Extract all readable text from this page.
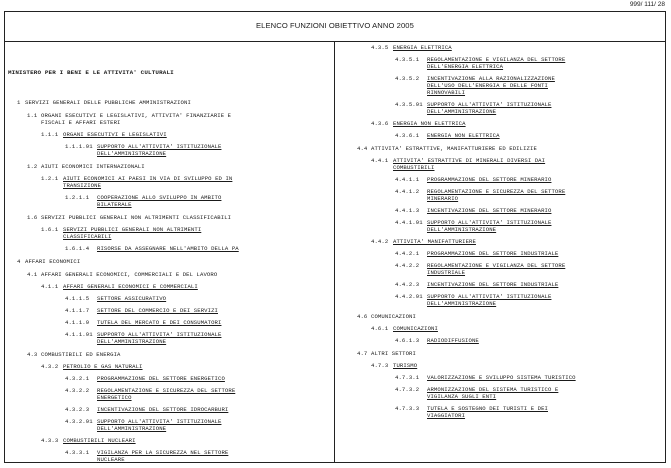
999/ 111/ 28
ELENCO FUNZIONI OBIETTIVO ANNO 2005
MINISTERO PER I BENI E LE ATTIVITA' CULTURALI
1 SERVIZI GENERALI DELLE PUBBLICHE AMMINISTRAZIONI
1.1 ORGANI ESECUTIVI E LEGISLATIVI, ATTIVITA' FINANZIARIE E
FISCALI E AFFARI ESTERI
1.1.1 ORGANI ESECUTIVI E LEGISLATIVI
1.1.1.91 SUPPORTO ALL'ATTIVITA' ISTITUZIONALE
DELL'AMMINISTRAZIONE
1.2 AIUTI ECONOMICI INTERNAZIONALI
1.2.1 AIUTI ECONOMICI AI PAESI IN VIA DI SVILUPPO ED IN
TRANSIZIONE
1.2.1.1 COOPERAZIONE ALLO SVILUPPO IN AMBITO
BILATERALE
1.6 SERVIZI PUBBLICI GENERALI NON ALTRIMENTI CLASSIFICABILI
1.6.1 SERVIZI PUBBLICI GENERALI NON ALTRIMENTI
CLASSIFICABILI
1.6.1.4 RISORSE DA ASSEGNARE NELL'AMBITO DELLA PA
4 AFFARI ECONOMICI
4.1 AFFARI GENERALI ECONOMICI, COMMERCIALI E DEL LAVORO
4.1.1 AFFARI GENERALI ECONOMICI E COMMERCIALI
4.1.1.5 SETTORE ASSICURATIVO
4.1.1.7 SETTORE DEL COMMERCIO E DEI SERVIZI
4.1.1.9 TUTELA DEL MERCATO E DEI CONSUMATORI
4.1.1.91 SUPPORTO ALL'ATTIVITA' ISTITUZIONALE
DELL'AMMINISTRAZIONE
4.3 COMBUSTIBILI ED ENERGIA
4.3.2 PETROLIO E GAS NATURALI
4.3.2.1 PROGRAMMAZIONE DEL SETTORE ENERGETICO
4.3.2.2 REGOLAMENTAZIONE E SICUREZZA DEL SETTORE
ENERGETICO
4.3.2.3 INCENTIVAZIONE DEL SETTORE IDROCARBURI
4.3.2.91 SUPPORTO ALL'ATTIVITA' ISTITUZIONALE
DELL'AMMINISTRAZIONE
4.3.3 COMBUSTIBILI NUCLEARI
4.3.3.1 VIGILANZA PER LA SICUREZZA NEL SETTORE
NUCLEARE
4.3.5 ENERGIA ELETTRICA
4.3.5.1 REGOLAMENTAZIONE E VIGILANZA DEL SETTORE
DELL'ENERGIA ELETTRICA
4.3.5.2 INCENTIVAZIONE ALLA RAZIONALIZZAZIONE
DELL'USO DELL'ENERGIA E DELLE FONTI
RINNOVABILI
4.3.5.91 SUPPORTO ALL'ATTIVITA' ISTITUZIONALE
DELL'AMMINISTRAZIONE
4.3.6 ENERGIA NON ELETTRICA
4.3.6.1 ENERGIA NON ELETTRICA
4.4 ATTIVITA' ESTRATTIVE, MANIFATTURIERE ED EDILIZIE
4.4.1 ATTIVITA' ESTRATTIVE DI MINERALI DIVERSI DAI
COMBUSTIBILI
4.4.1.1 PROGRAMMAZIONE DEL SETTORE MINERARIO
4.4.1.2 REGOLAMENTAZIONE E SICUREZZA DEL SETTORE
MINERARIO
4.4.1.3 INCENTIVAZIONE DEL SETTORE MINERARIO
4.4.1.91 SUPPORTO ALL'ATTIVITA' ISTITUZIONALE
DELL'AMMINISTRAZIONE
4.4.2 ATTIVITA' MANIFATTURIERE
4.4.2.1 PROGRAMMAZIONE DEL SETTORE INDUSTRIALE
4.4.2.2 REGOLAMENTAZIONE E VIGILANZA DEL SETTORE
INDUSTRIALE
4.4.2.3 INCENTIVAZIONE DEL SETTORE INDUSTRIALE
4.4.2.91 SUPPORTO ALL'ATTIVITA' ISTITUZIONALE
DELL'AMMINISTRAZIONE
4.6 COMUNICAZIONI
4.6.1 COMUNICAZIONI
4.6.1.3 RADIODIFFUSIONE
4.7 ALTRI SETTORI
4.7.3 TURISMO
4.7.3.1 VALORIZZAZIONE E SVILUPPO SISTEMA TURISTICO
4.7.3.2 ARMONIZZAZIONE DEL SISTEMA TURISTICO E
VIGILANZA SUGLI ENTI
4.7.3.3 TUTELA E SOSTEGNO DEI TURISTI E DEI
VIAGGIATORI
